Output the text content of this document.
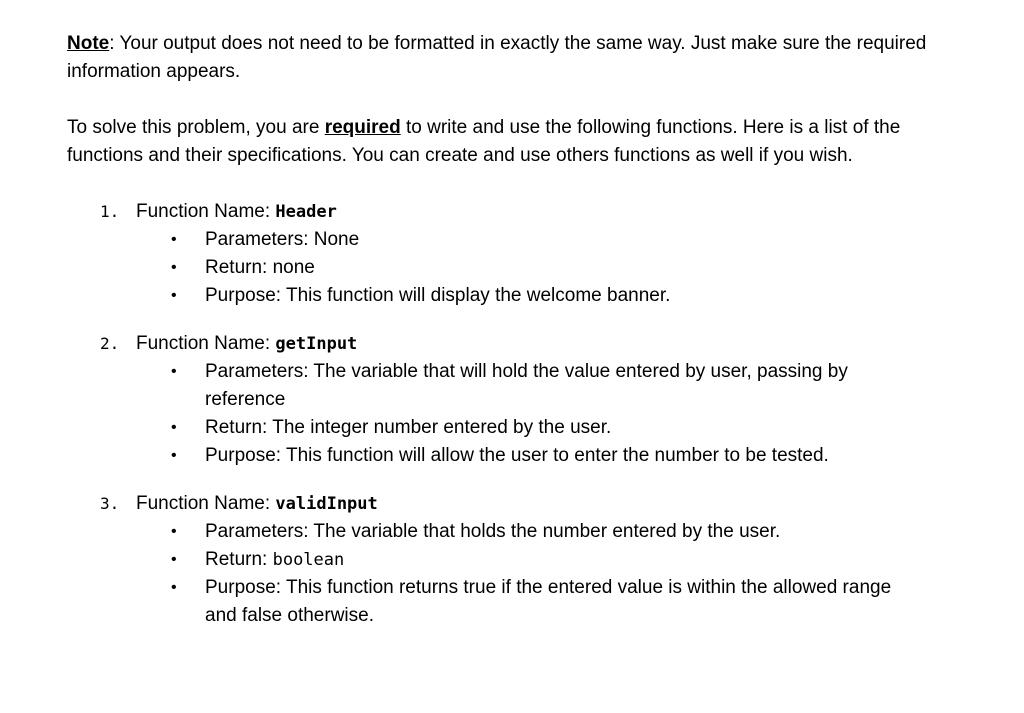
Note: Your output does not need to be formatted in exactly the same way. Just make sure the required information appears.

To solve this problem, you are required to write and use the following functions. Here is a list of the functions and their specifications. You can create and use others functions as well if you wish.

1. Function Name: Header
• Parameters: None
• Return: none
• Purpose: This function will display the welcome banner.
2. Function Name: getInput
• Parameters: The variable that will hold the value entered by user, passing by reference
• Return: The integer number entered by the user.
• Purpose: This function will allow the user to enter the number to be tested.
3. Function Name: validInput
• Parameters: The variable that holds the number entered by the user.
• Return: boolean
• Purpose: This function returns true if the entered value is within the allowed range and false otherwise.
